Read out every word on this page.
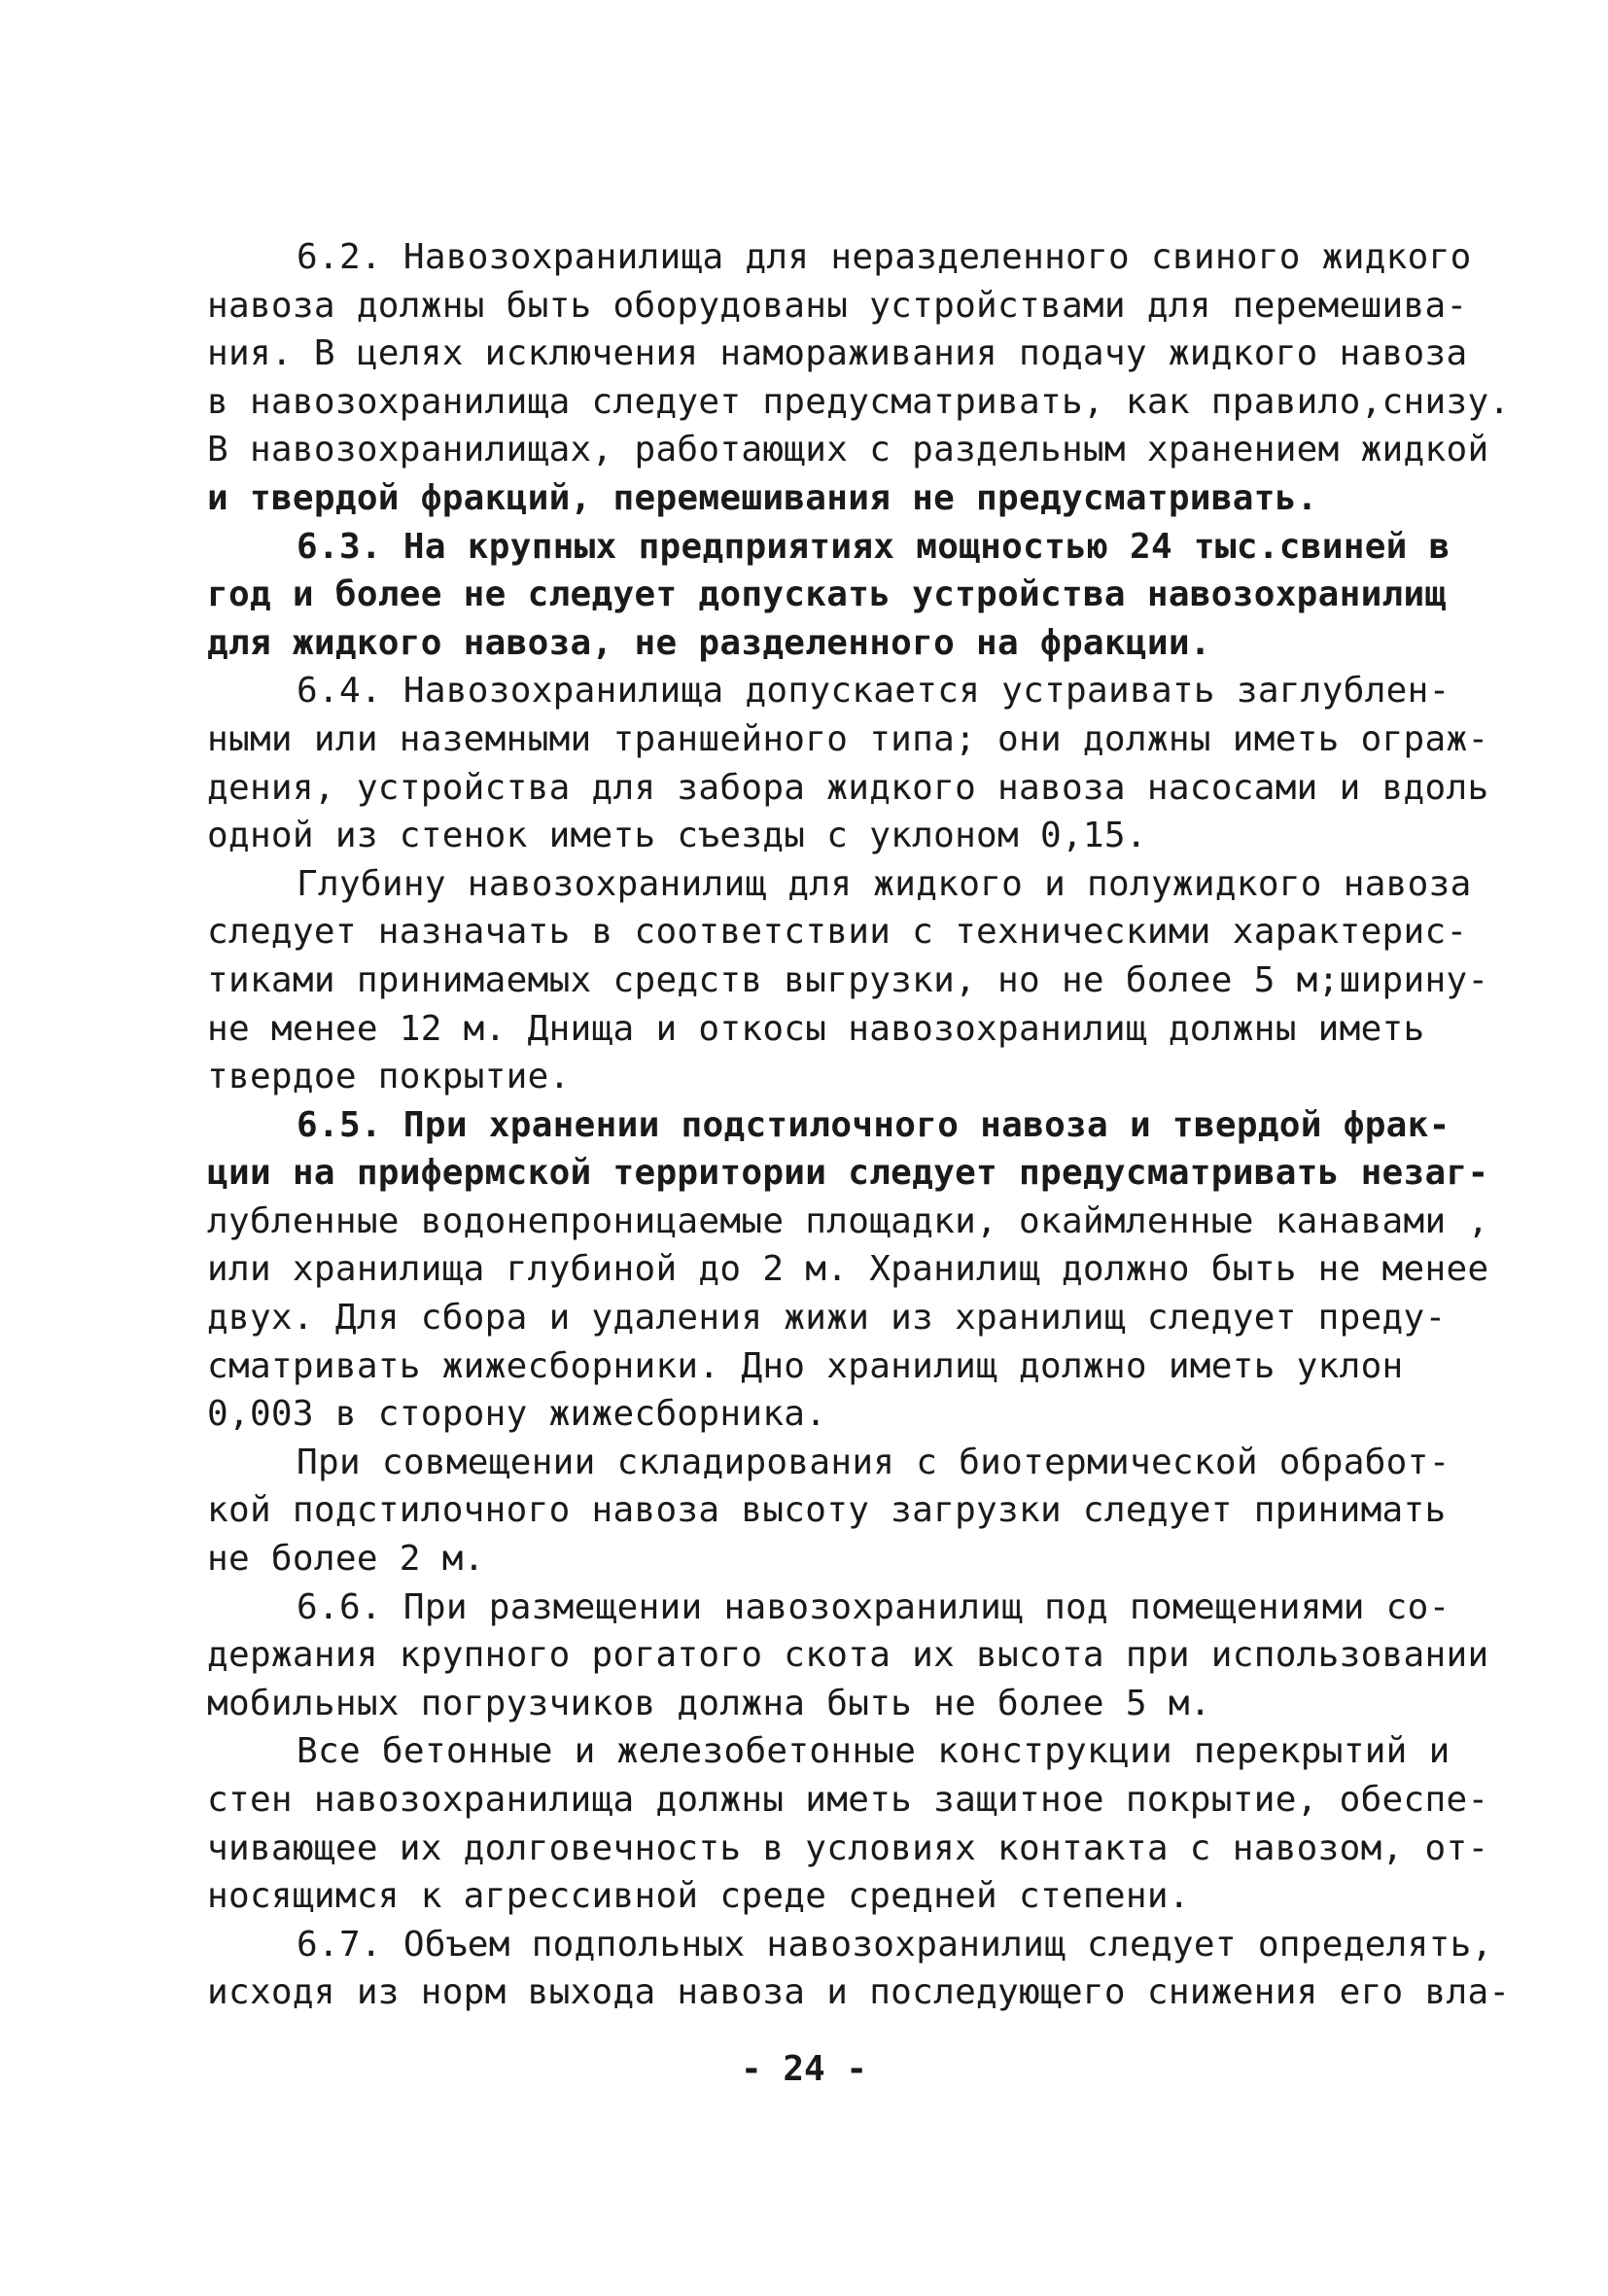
6.2. Навозохранилища для неразделенного свиного жидкого
навоза должны быть оборудованы устройствами для перемешива-
ния. В целях исключения намораживания подачу жидкого навоза
в навозохранилища следует предусматривать, как правило,снизу.
В навозохранилищах, работающих с раздельным хранением жидкой
и твердой фракций, перемешивания не предусматривать.
6.3. На крупных предприятиях мощностью 24 тыс.свиней в
год и более не следует допускать устройства навозохранилищ
для жидкого навоза, не разделенного на фракции.
6.4. Навозохранилища допускается устраивать заглублен-
ными или наземными траншейного типа; они должны иметь ограж-
дения, устройства для забора жидкого навоза насосами и вдоль
одной из стенок иметь съезды с уклоном 0,15.
Глубину навозохранилищ для жидкого и полужидкого навоза
следует назначать в соответствии с техническими характерис-
тиками принимаемых средств выгрузки, но не более 5 м;ширину-
не менее 12 м. Днища и откосы навозохранилищ должны иметь
твердое покрытие.
6.5. При хранении подстилочного навоза и твердой фрак-
ции на прифермской территории следует предусматривать незаг-
лубленные водонепроницаемые площадки, окаймленные канавами ,
или хранилища глубиной до 2 м. Хранилищ должно быть не менее
двух. Для сбора и удаления жижи из хранилищ следует преду-
сматривать жижесборники. Дно хранилищ должно иметь уклон
0,003 в сторону жижесборника.
При совмещении складирования с биотермической обработ-
кой подстилочного навоза высоту загрузки следует принимать
не более 2 м.
6.6. При размещении навозохранилищ под помещениями со-
держания крупного рогатого скота их высота при использовании
мобильных погрузчиков должна быть не более 5 м.
Все бетонные и железобетонные конструкции перекрытий и
стен навозохранилища должны иметь защитное покрытие, обеспе-
чивающее их долговечность в условиях контакта с навозом, от-
носящимся к агрессивной среде средней степени.
6.7. Объем подпольных навозохранилищ следует определять,
исходя из норм выхода навоза и последующего снижения его вла-
- 24 -
